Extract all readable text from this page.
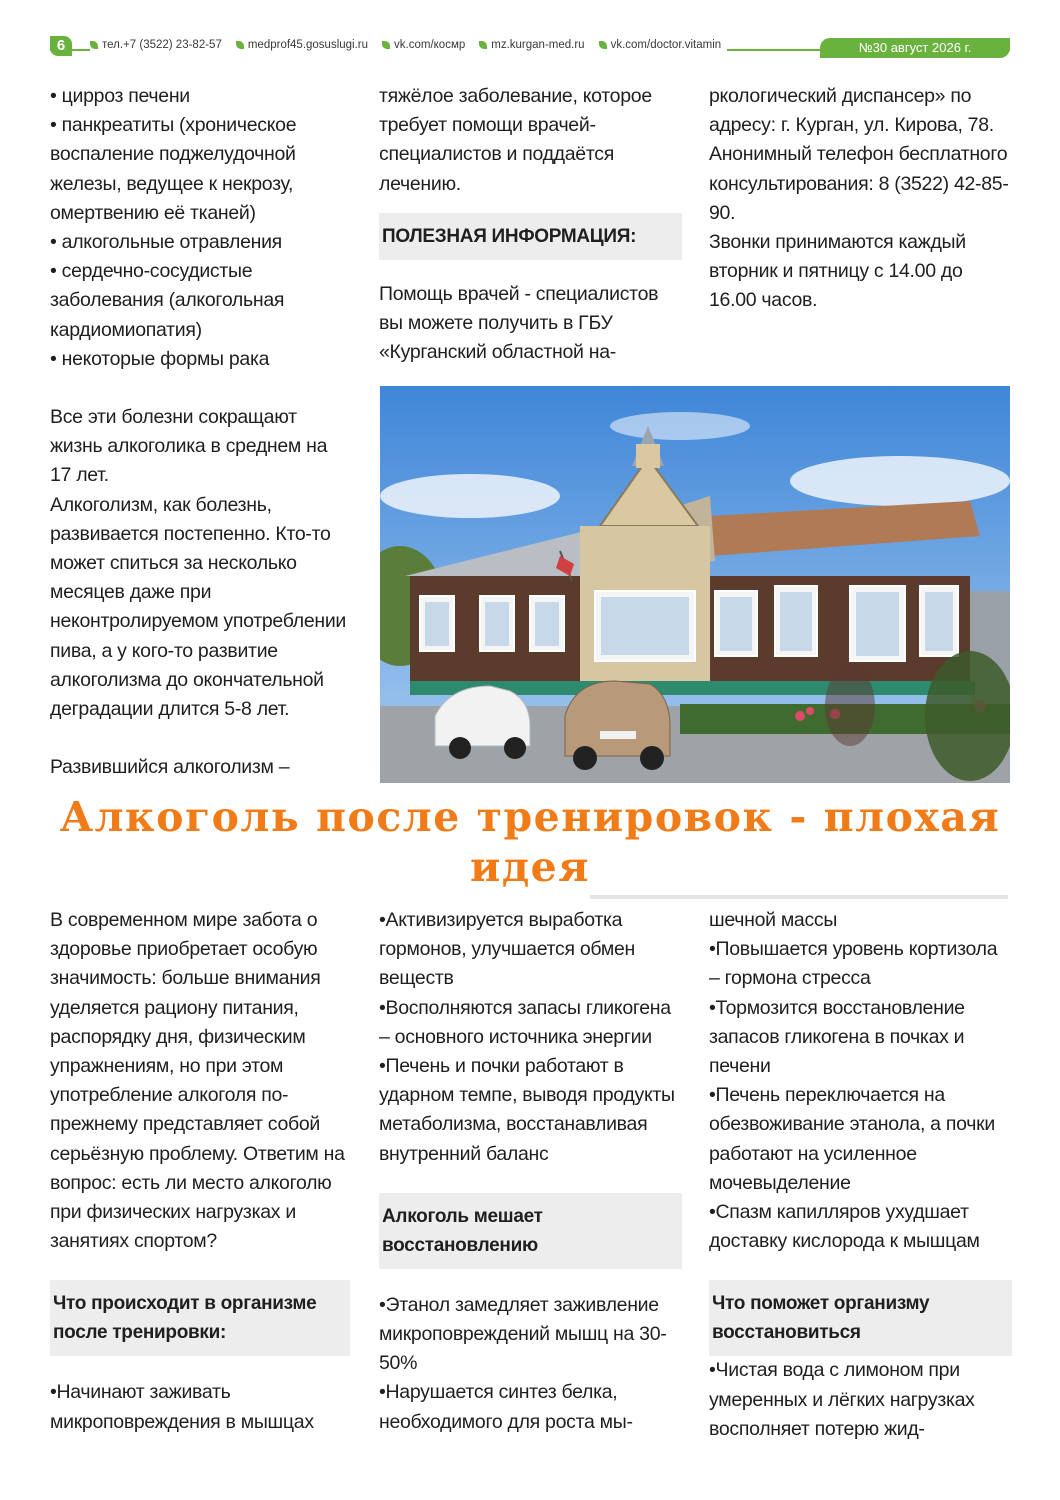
6	тел.+7 (3522) 23-82-57 medprof45.gosuslugi.ru vk.com/космр mz.kurgan-med.ru vk.com/doctor.vitamin	№30 август 2026 г.

• цирроз печени

• панкреатиты (хроническое воспаление поджелудочной железы, ведущее к некрозу, омертвению её тканей)

• алкогольные отравления

• сердечно-сосудистые заболевания (алкогольная кардиомиопатия)

• некоторые формы рака

Все эти болезни сокращают жизнь алкоголика в среднем на 17 лет.

Алкоголизм, как болезнь, развивается постепенно. Кто-то может спиться за несколько месяцев даже при неконтролируемом употреблении пива, а у кого-то развитие алкоголизма до окончательной деградации длится 5-8 лет.

Развившийся алкоголизм –

тяжёлое заболевание, которое требует помощи врачей-специалистов и поддаётся лечению.

ПОЛЕЗНАЯ ИНФОРМАЦИЯ:

Помощь врачей - специалистов вы можете получить в ГБУ «Курганский областной на-

ркологический диспансер» по адресу: г. Курган, ул. Кирова, 78.

Анонимный телефон бесплатного консультирования: 8 (3522) 42-85-90.

Звонки принимаются каждый вторник и пятницу с 14.00 до 16.00 часов.

Алкоголь после тренировок - плохая идея

В современном мире забота о здоровье приобретает особую значимость: больше внимания уделяется рациону питания, распорядку дня, физическим упражнениям, но при этом употребление алкоголя по-прежнему представляет собой серьёзную проблему. Ответим на вопрос: есть ли место алкоголю при физических нагрузках и занятиях спортом?

Что происходит в организме после тренировки:

•Начинают заживать микроповреждения в мышцах

•Активизируется выработка гормонов, улучшается обмен веществ

•Восполняются запасы гликогена – основного источника энергии

•Печень и почки работают в ударном темпе, выводя продукты метаболизма, восстанавливая внутренний баланс

Алкоголь мешает восстановлению

•Этанол замедляет заживление микроповреждений мышц на 30-50%

•Нарушается синтез белка, необходимого для роста мы-

шечной массы

•Повышается уровень кортизола – гормона стресса

•Тормозится восстановление запасов гликогена в почках и печени

•Печень переключается на обезвоживание этанола, а почки работают на усиленное мочевыделение

•Спазм капилляров ухудшает доставку кислорода к мышцам

Что поможет организму восстановиться

•Чистая вода с лимоном при умеренных и лёгких нагрузках восполняет потерю жид-
